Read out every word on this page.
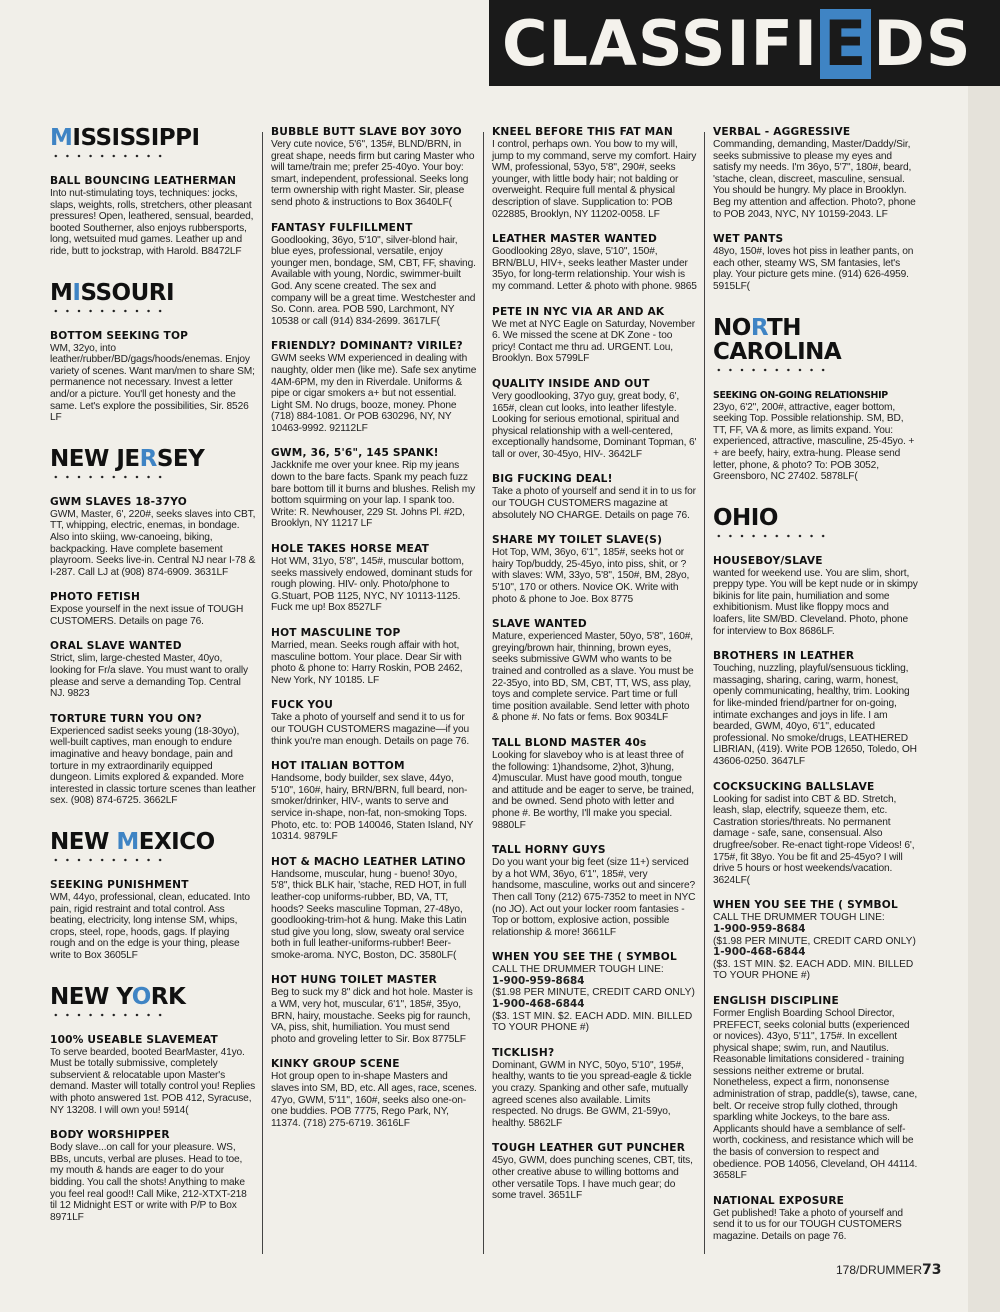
CLASSIFI E DS
MISSISSIPPI
BALL BOUNCING LEATHERMAN

Into nut-stimulating toys, techniques: jocks, slaps, weights, rolls, stretchers, other pleasant pressures! Open, leathered, sensual, bearded, booted Southerner, also enjoys rubbersports, long, wetsuited mud games. Leather up and ride, butt to jockstrap, with Harold. B8472LF

MISSOURI
BOTTOM SEEKING TOP

WM, 32yo, into leather/rubber/BD/gags/hoods/enemas. Enjoy variety of scenes. Want man/men to share SM; permanence not necessary. Invest a letter and/or a picture. You'll get honesty and the same. Let's explore the possibilities, Sir. 8526 LF

NEW JERSEY
GWM SLAVES 18-37YO

GWM, Master, 6', 220#, seeks slaves into CBT, TT, whipping, electric, enemas, in bondage. Also into skiing, ww-canoeing, biking, backpacking. Have complete basement playroom. Seeks live-in. Central NJ near I-78 & I-287. Call LJ at (908) 874-6909. 3631LF

PHOTO FETISH

Expose yourself in the next issue of TOUGH CUSTOMERS. Details on page 76.

ORAL SLAVE WANTED

Strict, slim, large-chested Master, 40yo, looking for Fr/a slave. You must want to orally please and serve a demanding Top. Central NJ. 9823

TORTURE TURN YOU ON?

Experienced sadist seeks young (18-30yo), well-built captives, man enough to endure imaginative and heavy bondage, pain and torture in my extraordinarily equipped dungeon. Limits explored & expanded. More interested in classic torture scenes than leather sex. (908) 874-6725. 3662LF

NEW MEXICO
SEEKING PUNISHMENT

WM, 44yo, professional, clean, educated. Into pain, rigid restraint and total control. Ass beating, electricity, long intense SM, whips, crops, steel, rope, hoods, gags. If playing rough and on the edge is your thing, please write to Box 3605LF

NEW YORK
100% USEABLE SLAVEMEAT

To serve bearded, booted BearMaster, 41yo. Must be totally submissive, completely subservient & relocatable upon Master's demand. Master will totally control you! Replies with photo answered 1st. POB 412, Syracuse, NY 13208. I will own you! 5914(

BODY WORSHIPPER

Body slave...on call for your pleasure. WS, BBs, uncuts, verbal are pluses. Head to toe, my mouth & hands are eager to do your bidding. You call the shots! Anything to make you feel real good!! Call Mike, 212-XTXT-218 til 12 Midnight EST or write with P/P to Box 8971LF

BUBBLE BUTT SLAVE BOY 30YO

Very cute novice, 5'6", 135#, BLND/BRN, in great shape, needs firm but caring Master who will tame/train me; prefer 25-40yo. Your boy: smart, independent, professional. Seeks long term ownership with right Master. Sir, please send photo & instructions to Box 3640LF(

FANTASY FULFILLMENT

Goodlooking, 36yo, 5'10", silver-blond hair, blue eyes, professional, versatile, enjoy younger men, bondage, SM, CBT, FF, shaving. Available with young, Nordic, swimmer-built God. Any scene created. The sex and company will be a great time. Westchester and So. Conn. area. POB 590, Larchmont, NY 10538 or call (914) 834-2699. 3617LF(

FRIENDLY? DOMINANT? VIRILE?

GWM seeks WM experienced in dealing with naughty, older men (like me). Safe sex anytime 4AM-6PM, my den in Riverdale. Uniforms & pipe or cigar smokers a+ but not essential. Light SM. No drugs, booze, money. Phone (718) 884-1081. Or POB 630296, NY, NY 10463-9992. 92112LF

GWM, 36, 5'6", 145 SPANK!

Jackknife me over your knee. Rip my jeans down to the bare facts. Spank my peach fuzz bare bottom till it burns and blushes. Relish my bottom squirming on your lap. I spank too. Write: R. Newhouser, 229 St. Johns Pl. #2D, Brooklyn, NY 11217 LF

HOLE TAKES HORSE MEAT

Hot WM, 31yo, 5'8", 145#, muscular bottom, seeks massively endowed, dominant studs for rough plowing. HIV- only. Photo/phone to G.Stuart, POB 1125, NYC, NY 10113-1125. Fuck me up! Box 8527LF

HOT MASCULINE TOP

Married, mean. Seeks rough affair with hot, masculine bottom. Your place. Dear Sir with photo & phone to: Harry Roskin, POB 2462, New York, NY 10185. LF

FUCK YOU

Take a photo of yourself and send it to us for our TOUGH CUSTOMERS magazine—if you think you're man enough. Details on page 76.

HOT ITALIAN BOTTOM

Handsome, body builder, sex slave, 44yo, 5'10", 160#, hairy, BRN/BRN, full beard, non-smoker/drinker, HIV-, wants to serve and service in-shape, non-fat, non-smoking Tops. Photo, etc. to: POB 140046, Staten Island, NY 10314. 9879LF

HOT & MACHO LEATHER LATINO

Handsome, muscular, hung - bueno! 30yo, 5'8", thick BLK hair, 'stache, RED HOT, in full leather-cop uniforms-rubber, BD, VA, TT, hoods? Seeks masculine Topman, 27-48yo, goodlooking-trim-hot & hung. Make this Latin stud give you long, slow, sweaty oral service both in full leather-uniforms-rubber! Beer-smoke-aroma. NYC, Boston, DC. 3580LF(

HOT HUNG TOILET MASTER

Beg to suck my 8" dick and hot hole. Master is a WM, very hot, muscular, 6'1", 185#, 35yo, BRN, hairy, moustache. Seeks pig for raunch, VA, piss, shit, humiliation. You must send photo and groveling letter to Sir. Box 8775LF

KINKY GROUP SCENE

Hot group open to in-shape Masters and slaves into SM, BD, etc. All ages, race, scenes. 47yo, GWM, 5'11", 160#, seeks also one-on-one buddies. POB 7775, Rego Park, NY, 11374. (718) 275-6719. 3616LF

KNEEL BEFORE THIS FAT MAN

I control, perhaps own. You bow to my will, jump to my command, serve my comfort. Hairy WM, professional, 53yo, 5'8", 290#, seeks younger, with little body hair; not balding or overweight. Require full mental & physical description of slave. Supplication to: POB 022885, Brooklyn, NY 11202-0058. LF

LEATHER MASTER WANTED

Goodlooking 28yo, slave, 5'10", 150#, BRN/BLU, HIV+, seeks leather Master under 35yo, for long-term relationship. Your wish is my command. Letter & photo with phone. 9865

PETE IN NYC VIA AR AND AK

We met at NYC Eagle on Saturday, November 6. We missed the scene at DK Zone - too pricy! Contact me thru ad. URGENT. Lou, Brooklyn. Box 5799LF

QUALITY INSIDE AND OUT

Very goodlooking, 37yo guy, great body, 6', 165#, clean cut looks, into leather lifestyle. Looking for serious emotional, spiritual and physical relationship with a well-centered, exceptionally handsome, Dominant Topman, 6' tall or over, 30-45yo, HIV-. 3642LF

BIG FUCKING DEAL!

Take a photo of yourself and send it in to us for our TOUGH CUSTOMERS magazine at absolutely NO CHARGE. Details on page 76.

SHARE MY TOILET SLAVE(S)

Hot Top, WM, 36yo, 6'1", 185#, seeks hot or hairy Top/buddy, 25-45yo, into piss, shit, or ? with slaves: WM, 33yo, 5'8", 150#, BM, 28yo, 5'10", 170 or others. Novice OK. Write with photo & phone to Joe. Box 8775

SLAVE WANTED

Mature, experienced Master, 50yo, 5'8", 160#, greying/brown hair, thinning, brown eyes, seeks submissive GWM who wants to be trained and controlled as a slave. You must be 22-35yo, into BD, SM, CBT, TT, WS, ass play, toys and complete service. Part time or full time position available. Send letter with photo & phone #. No fats or fems. Box 9034LF

TALL BLOND MASTER 40s

Looking for slaveboy who is at least three of the following: 1)handsome, 2)hot, 3)hung, 4)muscular. Must have good mouth, tongue and attitude and be eager to serve, be trained, and be owned. Send photo with letter and phone #. Be worthy, I'll make you special. 9880LF

TALL HORNY GUYS

Do you want your big feet (size 11+) serviced by a hot WM, 36yo, 6'1", 185#, very handsome, masculine, works out and sincere? Then call Tony (212) 675-7352 to meet in NYC (no JO). Act out your locker room fantasies - Top or bottom, explosive action, possible relationship & more! 3661LF

WHEN YOU SEE THE ( SYMBOL

CALL THE DRUMMER TOUGH LINE:

1-900-959-8684

($1.98 PER MINUTE, CREDIT CARD ONLY)

1-900-468-6844

($3. 1ST MIN. $2. EACH ADD. MIN. BILLED TO YOUR PHONE #)

TICKLISH?

Dominant, GWM in NYC, 50yo, 5'10", 195#, healthy, wants to tie you spread-eagle & tickle you crazy. Spanking and other safe, mutually agreed scenes also available. Limits respected. No drugs. Be GWM, 21-59yo, healthy. 5862LF

TOUGH LEATHER GUT PUNCHER

45yo, GWM, does punching scenes, CBT, tits, other creative abuse to willing bottoms and other versatile Tops. I have much gear; do some travel. 3651LF

VERBAL - AGGRESSIVE

Commanding, demanding, Master/Daddy/Sir, seeks submissive to please my eyes and satisfy my needs. I'm 36yo, 5'7", 180#, beard, 'stache, clean, discreet, masculine, sensual. You should be hungry. My place in Brooklyn. Beg my attention and affection. Photo?, phone to POB 2043, NYC, NY 10159-2043. LF

WET PANTS

48yo, 150#, loves hot piss in leather pants, on each other, steamy WS, SM fantasies, let's play. Your picture gets mine. (914) 626-4959. 5915LF(

NORTH CAROLINA
SEEKING ON-GOING RELATIONSHIP

23yo, 6'2", 200#, attractive, eager bottom, seeking Top. Possible relationship. SM, BD, TT, FF, VA & more, as limits expand. You: experienced, attractive, masculine, 25-45yo. + + are beefy, hairy, extra-hung. Please send letter, phone, & photo? To: POB 3052, Greensboro, NC 27402. 5878LF(

OHIO
HOUSEBOY/SLAVE

wanted for weekend use. You are slim, short, preppy type. You will be kept nude or in skimpy bikinis for lite pain, humiliation and some exhibitionism. Must like floppy mocs and loafers, lite SM/BD. Cleveland. Photo, phone for interview to Box 8686LF.

BROTHERS IN LEATHER

Touching, nuzzling, playful/sensuous tickling, massaging, sharing, caring, warm, honest, openly communicating, healthy, trim. Looking for like-minded friend/partner for on-going, intimate exchanges and joys in life. I am bearded, GWM, 40yo, 6'1", educated professional. No smoke/drugs, LEATHERED LIBRIAN, (419). Write POB 12650, Toledo, OH 43606-0250. 3647LF

COCKSUCKING BALLSLAVE

Looking for sadist into CBT & BD. Stretch, leash, slap, electrify, squeeze them, etc. Castration stories/threats. No permanent damage - safe, sane, consensual. Also drugfree/sober. Re-enact tight-rope Videos! 6', 175#, fit 38yo. You be fit and 25-45yo? I will drive 5 hours or host weekends/vacation. 3624LF(

WHEN YOU SEE THE ( SYMBOL

CALL THE DRUMMER TOUGH LINE:

1-900-959-8684

($1.98 PER MINUTE, CREDIT CARD ONLY)

1-900-468-6844

($3. 1ST MIN. $2. EACH ADD. MIN. BILLED TO YOUR PHONE #)

ENGLISH DISCIPLINE

Former English Boarding School Director, PREFECT, seeks colonial butts (experienced or novices). 43yo, 5'11", 175#. In excellent physical shape; swim, run, and Nautilus. Reasonable limitations considered - training sessions neither extreme or brutal. Nonetheless, expect a firm, nononsense administration of strap, paddle(s), tawse, cane, belt. Or receive strop fully clothed, through sparkling white Jockeys, to the bare ass. Applicants should have a semblance of self-worth, cockiness, and resistance which will be the basis of conversion to respect and obedience. POB 14056, Cleveland, OH 44114. 3658LF

NATIONAL EXPOSURE

Get published! Take a photo of yourself and send it to us for our TOUGH CUSTOMERS magazine. Details on page 76.

178/DRUMMER73
